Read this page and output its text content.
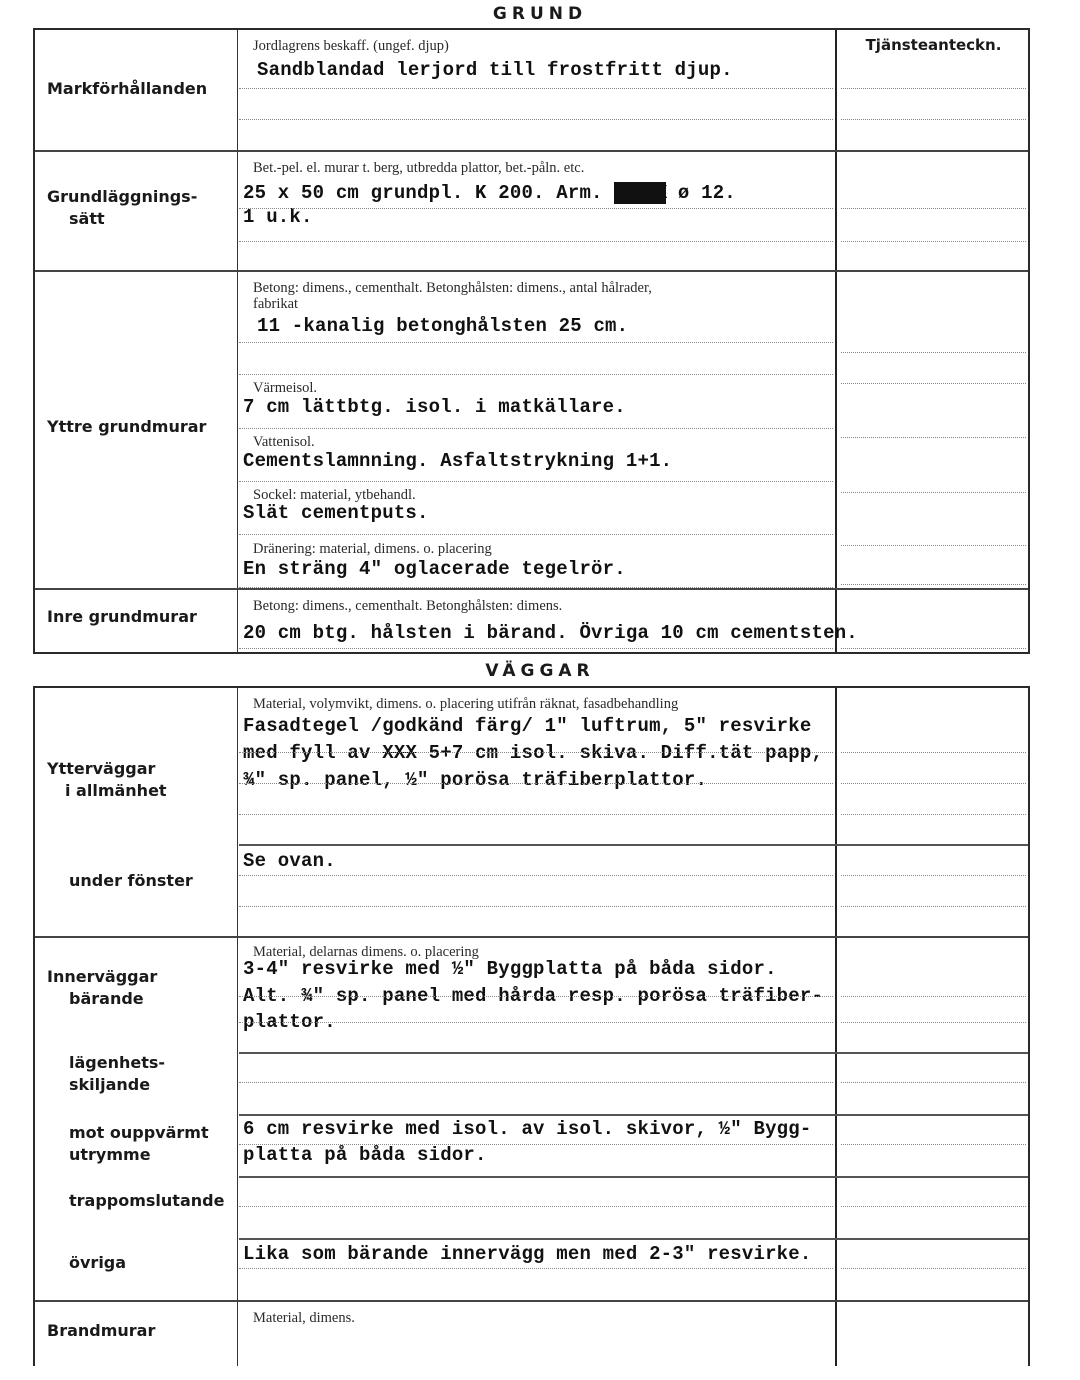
GRUND
Tjänsteanteckn.
Markförhållanden
Jordlagrens beskaff. (ungef. djup)
Sandblandad lerjord till frostfritt djup.
Grundläggnings-
sätt
Bet.-pel. el. murar t. berg, utbredda plattor, bet.-påln. etc.
25 x 50 cm grundpl. K 200. Arm. XXXXX ø 12.
1 u.k.
Yttre grundmurar
Betong: dimens., cementhalt. Betonghålsten: dimens., antal hålrader,
fabrikat
11 -kanalig betonghålsten 25 cm.
Värmeisol.
7 cm lättbtg. isol. i matkällare.
Vattenisol.
Cementslamnning. Asfaltstrykning 1+1.
Sockel: material, ytbehandl.
Slät cementputs.
Dränering: material, dimens. o. placering
En sträng 4" oglacerade tegelrör.
Inre grundmurar
Betong: dimens., cementhalt. Betonghålsten: dimens.
20 cm btg. hålsten i bärand. Övriga 10 cm cementsten.
VÄGGAR
Ytterväggar
i allmänhet
Material, volymvikt, dimens. o. placering utifrån räknat, fasadbehandling
Fasadtegel /godkänd färg/ 1" luftrum, 5" resvirke
med fyll av XXX 5+7 cm isol. skiva. Diff.tät papp,
¾" sp. panel, ½" porösa träfiberplattor.
under fönster
Se ovan.
Innerväggar
bärande
Material, delarnas dimens. o. placering
3-4" resvirke med ½" Byggplatta på båda sidor.
Alt. ¾" sp. panel med hårda resp. porösa träfiber-
plattor.
lägenhets-
skiljande
mot ouppvärmt
utrymme
6 cm resvirke med isol. av isol. skivor, ½" Bygg-
platta på båda sidor.
trappomslutande
övriga	Lika som bärande innervägg men med 2-3" resvirke.
Brandmurar
Material, dimens.
